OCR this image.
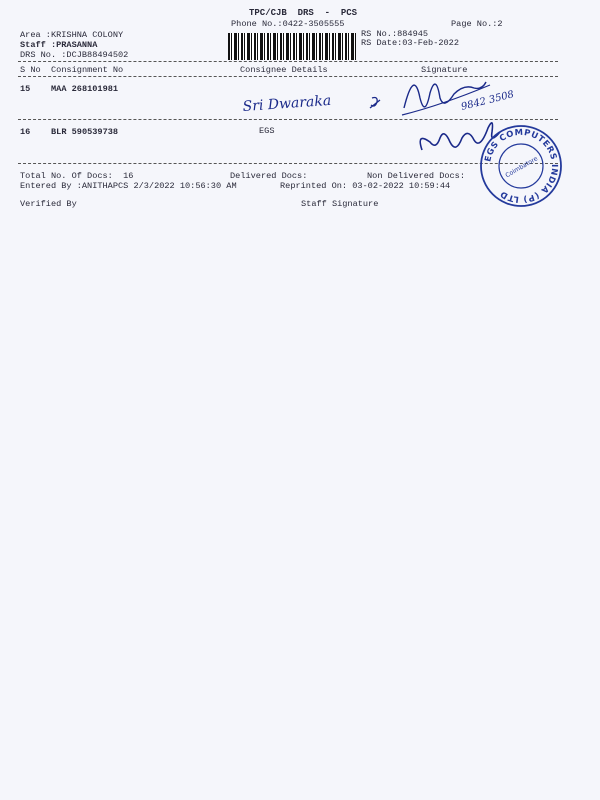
TPC/CJB  DRS  -  PCS
Phone No.:0422-3505555	Page No.:2
Area :KRISHNA COLONY
Staff :PRASANNA
DRS No. :DCJB88494502
RS No.:884945
RS Date:03-Feb-2022
S No Consignment No	Consignee Details	Signature
15 MAA 268101981
16 BLR 590539738	EGS
Total No. Of Docs:  16	Delivered Docs:	Non Delivered Docs:
Entered By :ANITHAPCS 2/3/2022 10:56:30 AM	Reprinted On: 03-02-2022 10:59:44
Verified By	Staff Signature
Sri Dwaraka	9842 3508
EGS COMPUTERS INDIA (P) LTD
Coimbatore
